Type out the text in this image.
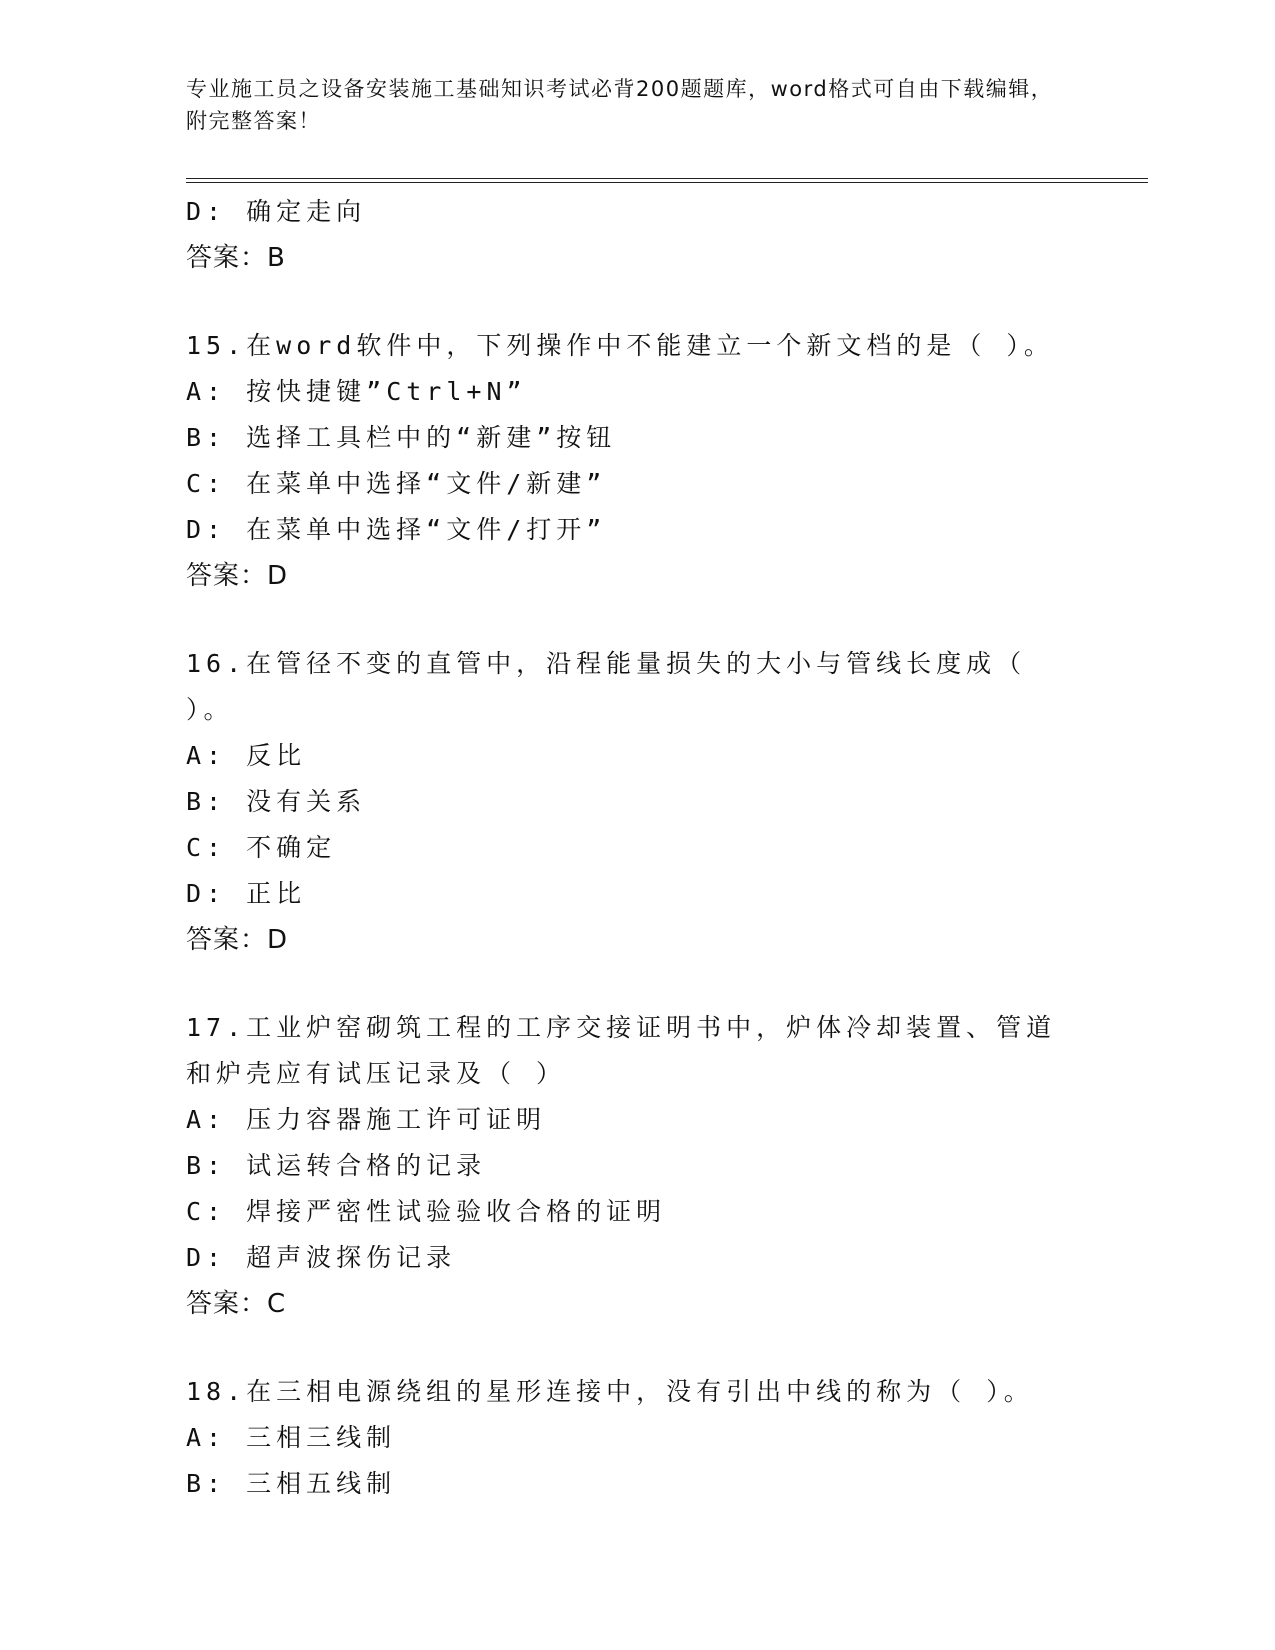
专业施工员之设备安装施工基础知识考试必背200题题库，word格式可自由下载编辑，附完整答案！
D: 确定走向
答案：B
15.在word软件中，下列操作中不能建立一个新文档的是（ ）。
A: 按快捷键”Ctrl+N”
B: 选择工具栏中的“新建”按钮
C: 在菜单中选择“文件/新建”
D: 在菜单中选择“文件/打开”
答案：D
16.在管径不变的直管中，沿程能量损失的大小与管线长度成（ ）。
A: 反比
B: 没有关系
C: 不确定
D: 正比
答案：D
17.工业炉窑砌筑工程的工序交接证明书中，炉体冷却装置、管道和炉壳应有试压记录及（ ）
A: 压力容器施工许可证明
B: 试运转合格的记录
C: 焊接严密性试验验收合格的证明
D: 超声波探伤记录
答案：C
18.在三相电源绕组的星形连接中，没有引出中线的称为（ ）。
A: 三相三线制
B: 三相五线制
